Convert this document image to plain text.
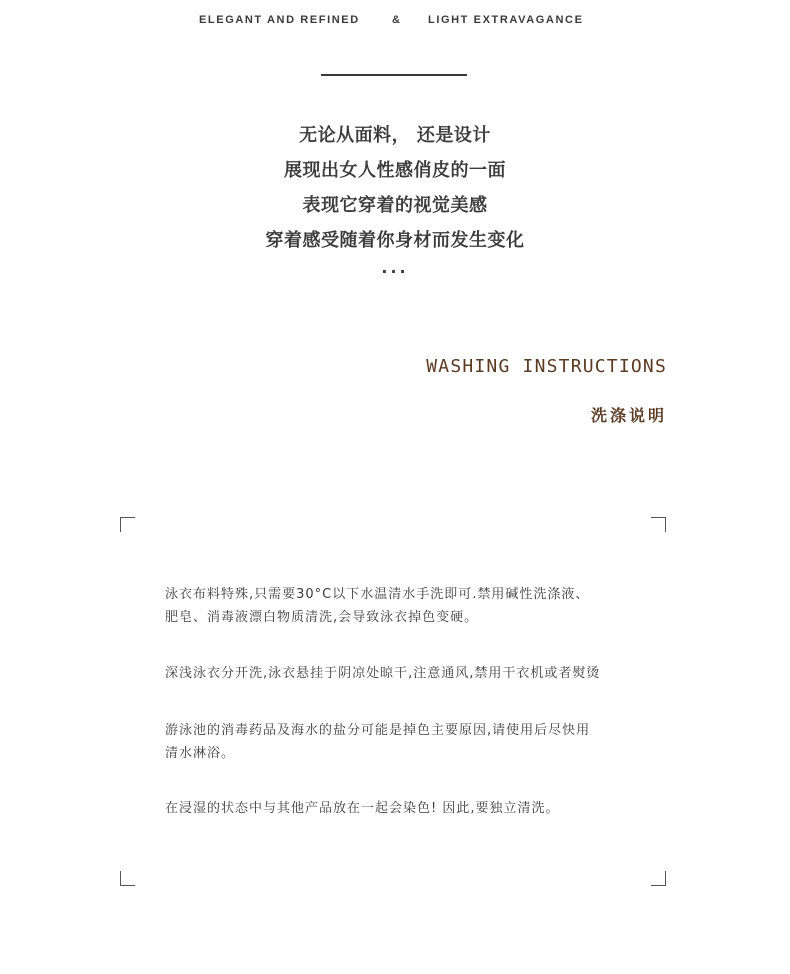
ELEGANT AND REFINED	& LIGHT EXTRAVAGANCE
无论从面料， 还是设计
展现出女人性感俏皮的一面
表现它穿着的视觉美感
穿着感受随着你身材而发生变化
...
WASHING INSTRUCTIONS
洗涤说明
泳衣布料特殊,只需要30°C以下水温清水手洗即可.禁用碱性洗涤液、
肥皂、消毒液漂白物质清洗,会导致泳衣掉色变硬。
深浅泳衣分开洗,泳衣悬挂于阴凉处晾干,注意通风,禁用干衣机或者熨烫
游泳池的消毒药品及海水的盐分可能是掉色主要原因,请使用后尽快用
清水淋浴。
在浸湿的状态中与其他产品放在一起会染色! 因此,要独立清洗。
